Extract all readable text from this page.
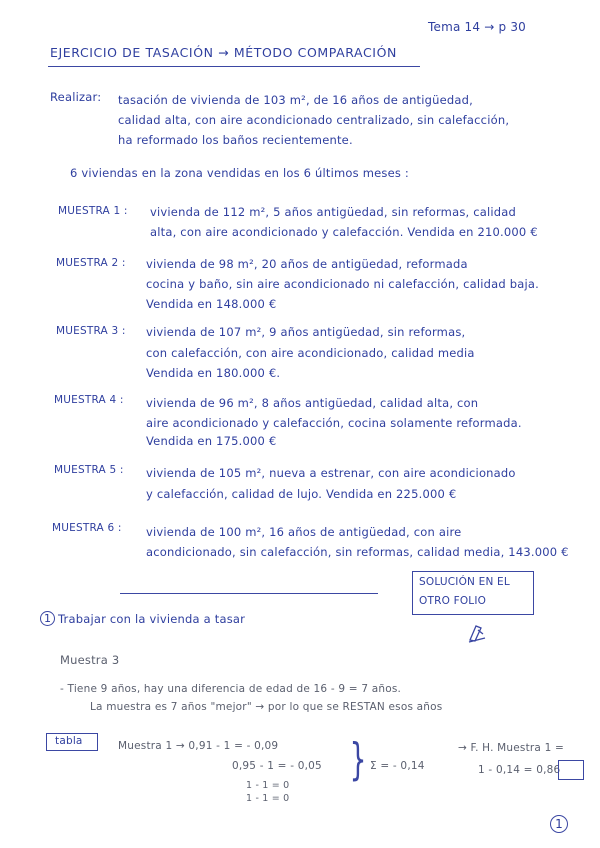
Tema 14 → p 30
EJERCICIO DE TASACIÓN → MÉTODO COMPARACIÓN
Realizar: tasación de vivienda de 103 m², de 16 años de antigüedad,
calidad alta, con aire acondicionado centralizado, sin calefacción,
ha reformado los baños recientemente.
6 viviendas en la zona vendidas en los 6 últimos meses :
MUESTRA 1 : vivienda de 112 m², 5 años antigüedad, sin reformas, calidad
alta, con aire acondicionado y calefacción. Vendida en 210.000 €
MUESTRA 2 : vivienda de 98 m², 20 años de antigüedad, reformada
cocina y baño, sin aire acondicionado ni calefacción, calidad baja.
Vendida en 148.000 €
MUESTRA 3 : vivienda de 107 m², 9 años antigüedad, sin reformas,
con calefacción, con aire acondicionado, calidad media
Vendida en 180.000 €.
MUESTRA 4 : vivienda de 96 m², 8 años antigüedad, calidad alta, con
aire acondicionado y calefacción, cocina solamente reformada.
Vendida en 175.000 €
MUESTRA 5 : vivienda de 105 m², nueva a estrenar, con aire acondicionado
y calefacción, calidad de lujo. Vendida en 225.000 €
MUESTRA 6 : vivienda de 100 m², 16 años de antigüedad, con aire
acondicionado, sin calefacción, sin reformas, calidad media, 143.000 €
SOLUCIÓN EN EL
OTRO FOLIO
1 Trabajar con la vivienda a tasar
Muestra 3
- Tiene 9 años, hay una diferencia de edad de 16 - 9 = 7 años.
La muestra es 7 años "mejor" → por lo que se RESTAN esos años
tabla	Muestra 1 → 0,91 - 1 = - 0,09
0,95 - 1 = - 0,05
1 - 1 = 0
1 - 1 = 0
} Σ = - 0,14
→ F. H. Muestra 1 =
1 - 0,14 = 0,86
1
